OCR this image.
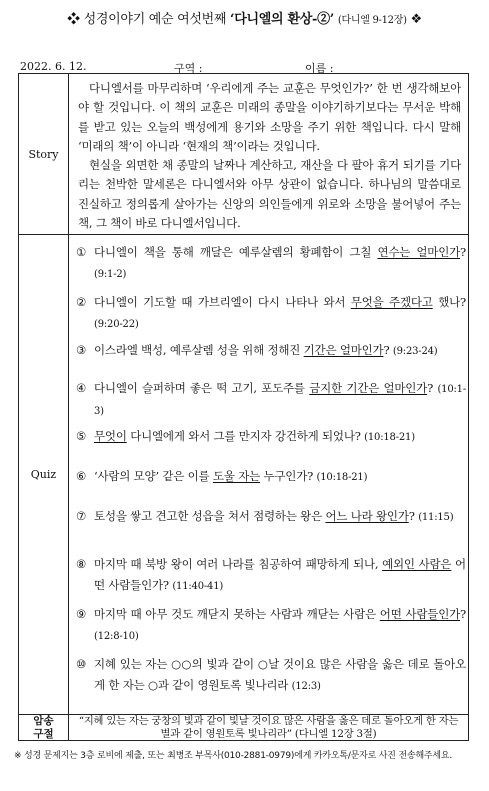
❖ 성경이야기 예순 여섯번째 ‘다니엘의 환상-②’ (다니엘 9-12장) ❖
2022. 6. 12.	구역 :	이름 :
Story

다니엘서를 마무리하며 ‘우리에게 주는 교훈은 무엇인가?’ 한 번 생각해보아야 할 것입니다. 이 책의 교훈은 미래의 종말을 이야기하기보다는 무서운 박해를 받고 있는 오늘의 백성에게 용기와 소망을 주기 위한 책입니다. 다시 말해 ‘미래의 책’이 아니라 ‘현재의 책’이라는 것입니다.

현실을 외면한 채 종말의 날짜나 계산하고, 재산을 다 팔아 휴거 되기를 기다리는 천박한 말세론은 다니엘서와 아무 상관이 없습니다. 하나님의 말씀대로 진실하고 정의롭게 살아가는 신앙의 의인들에게 위로와 소망을 불어넣어 주는 책, 그 책이 바로 다니엘서입니다.

Quiz
① 다니엘이 책을 통해 깨달은 예루살렘의 황폐함이 그칠 연수는 얼마인가? (9:1-2)
② 다니엘이 기도할 때 가브리엘이 다시 나타나 와서 무엇을 주겠다고 했나? (9:20-22)
③ 이스라엘 백성, 예루살렘 성을 위해 정해진 기간은 얼마인가? (9:23-24)
④ 다니엘이 슬퍼하며 좋은 떡 고기, 포도주를 금지한 기간은 얼마인가? (10:1-3)
⑤ 무엇이 다니엘에게 와서 그를 만지자 강건하게 되었나? (10:18-21)
⑥ ‘사람의 모양’ 같은 이를 도울 자는 누구인가? (10:18-21)
⑦ 토성을 쌓고 견고한 성읍을 쳐서 점령하는 왕은 어느 나라 왕인가? (11:15)
⑧ 마지막 때 북방 왕이 여러 나라를 침공하여 패망하게 되나, 예외인 사람은 어떤 사람들인가? (11:40-41)
⑨ 마지막 때 아무 것도 깨닫지 못하는 사람과 깨닫는 사람은 어떤 사람들인가? (12:8-10)
⑩ 지혜 있는 자는 ○○의 빛과 같이 ○날 것이요 많은 사람을 옳은 데로 돌아오게 한 자는 ○과 같이 영원토록 빛나리라 (12:3)
암송
구절
“지혜 있는 자는 궁창의 빛과 같이 빛날 것이요 많은 사람을 옳은 데로 돌아오게 한 자는 별과 같이 영원토록 빛나리라” (다니엘 12장 3절)
※ 성경 문제지는 3층 로비에 제출, 또는 최병조 부목사(010-2881-0979)에게 카카오톡/문자로 사진 전송해주세요.
